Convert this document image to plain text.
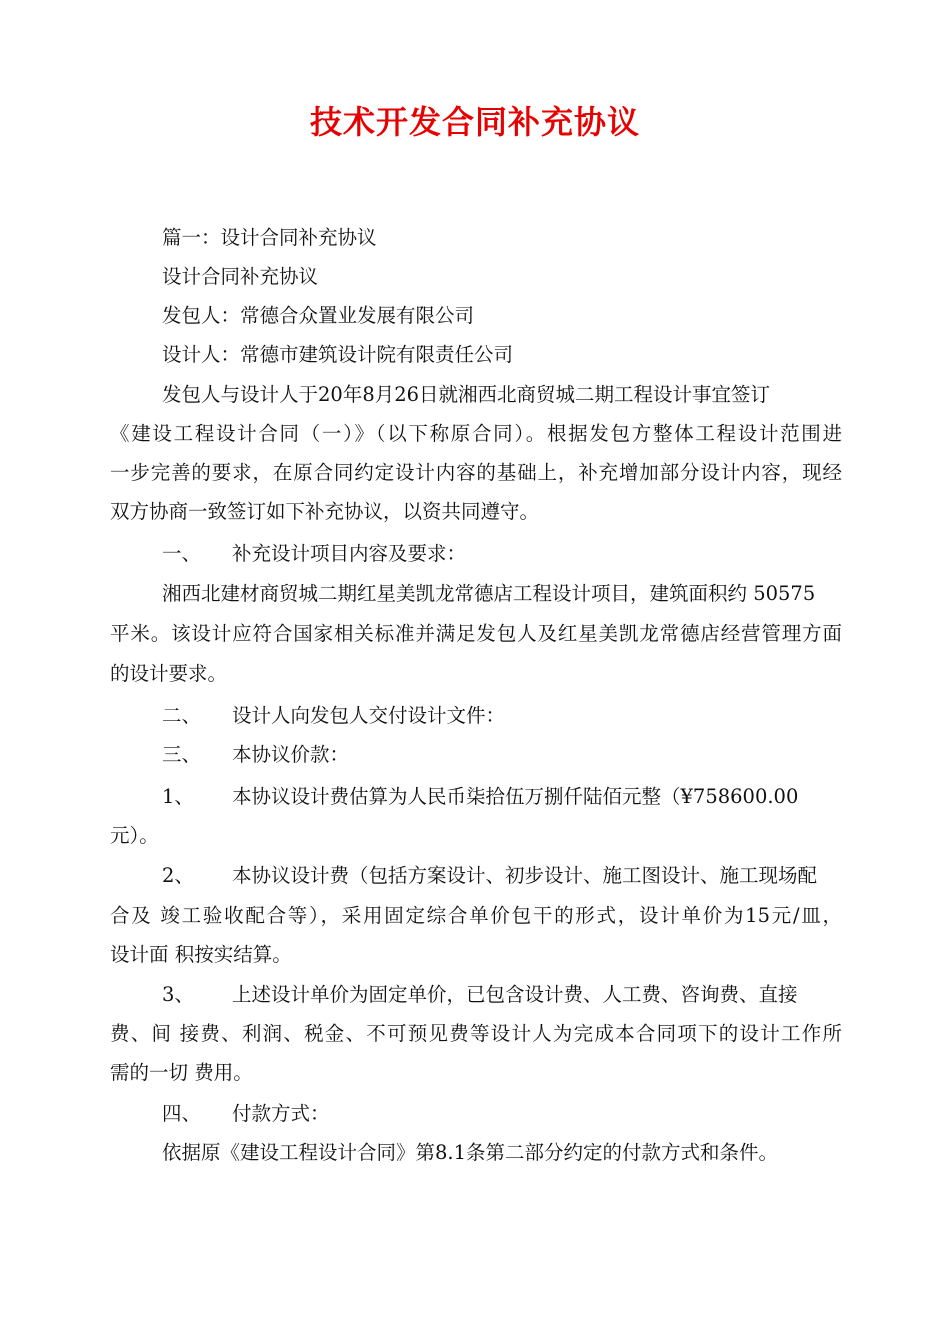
技术开发合同补充协议
篇一：设计合同补充协议
设计合同补充协议
发包人：常德合众置业发展有限公司
设计人：常德市建筑设计院有限责任公司
发包人与设计人于20年8月26日就湘西北商贸城二期工程设计事宜签订
《建设工程设计合同（一）》（以下称原合同）。根据发包方整体工程设计范围进
一步完善的要求，在原合同约定设计内容的基础上，补充增加部分设计内容，现经
双方协商一致签订如下补充协议，以资共同遵守。
一、 补充设计项目内容及要求：
湘西北建材商贸城二期红星美凯龙常德店工程设计项目，建筑面积约 50575
平米。该设计应符合国家相关标准并满足发包人及红星美凯龙常德店经营管理方面
的设计要求。
二、 设计人向发包人交付设计文件：
三、 本协议价款：
1、 本协议设计费估算为人民币柒拾伍万捌仟陆佰元整（¥758600.00
元）。
2、 本协议设计费（包括方案设计、初步设计、施工图设计、施工现场配
合及 竣工验收配合等），采用固定综合单价包干的形式，设计单价为15元/皿，
设计面 积按实结算。
3、 上述设计单价为固定单价，已包含设计费、人工费、咨询费、直接
费、间 接费、利润、税金、不可预见费等设计人为完成本合同项下的设计工作所
需的一切 费用。
四、 付款方式：
依据原《建设工程设计合同》第8.1条第二部分约定的付款方式和条件。
